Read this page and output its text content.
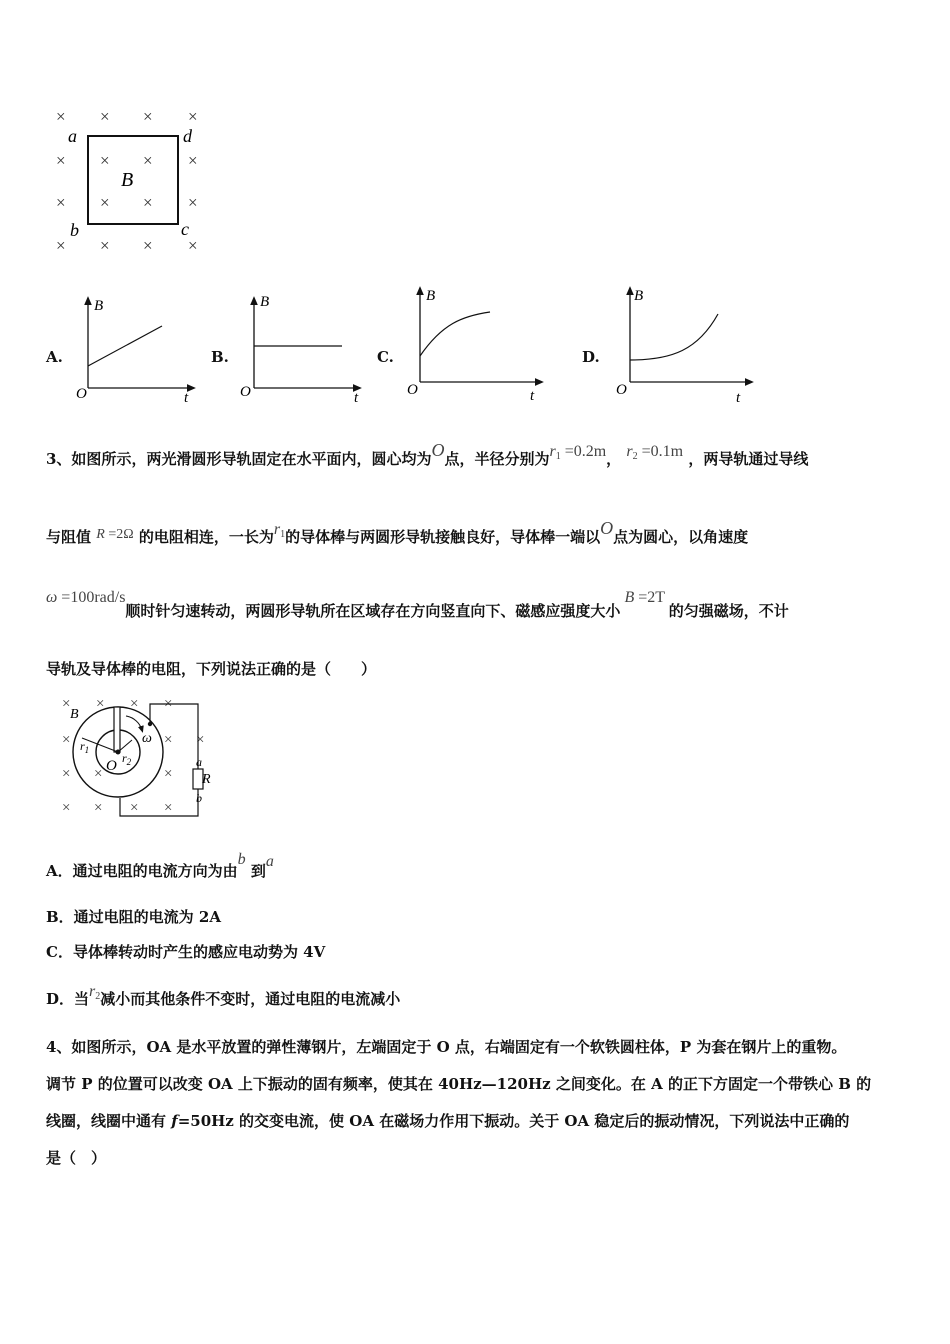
× × × ×
× × × ×
× × × ×
× × × ×
a	d
b	c
B
A.
B
t
O
B.
B
t
O
C.
B
t
O
D.
B
t
O
3、如图所示，两光滑圆形导轨固定在水平面内，圆心均为O点，半径分别为$r_1 =0.2m$， $r_2 =0.1m$ ，两导轨通过导线
与阻值 R =2Ω 的电阻相连，一长为$r_1$的导体棒与两圆形导轨接触良好，导体棒一端以O点为圆心，以角速度
ω =100rad/s顺时针匀速转动，两圆形导轨所在区域存在方向竖直向下、磁感应强度大小 B =2T 的匀强磁场，不计
导轨及导体棒的电阻，下列说法正确的是（　　）
× × × ×
×	× ×
× ×	×
× × × ×
B
$r_1$
$r_2$
O
ω
a
R
b
A．通过电阻的电流方向为由b 到a
B．通过电阻的电流为 2A
C．导体棒转动时产生的感应电动势为 4V
D．当$r_2$减小而其他条件不变时，通过电阻的电流减小
4、如图所示，OA 是水平放置的弹性薄钢片，左端固定于 O 点，右端固定有一个软铁圆柱体，P 为套在钢片上的重物。
调节 P 的位置可以改变 OA 上下振动的固有频率，使其在 40Hz—120Hz 之间变化。在 A 的正下方固定一个带铁心 B 的
线圈，线圈中通有 f=50Hz 的交变电流，使 OA 在磁场力作用下振动。关于 OA 稳定后的振动情况，下列说法中正确的
是（　）
